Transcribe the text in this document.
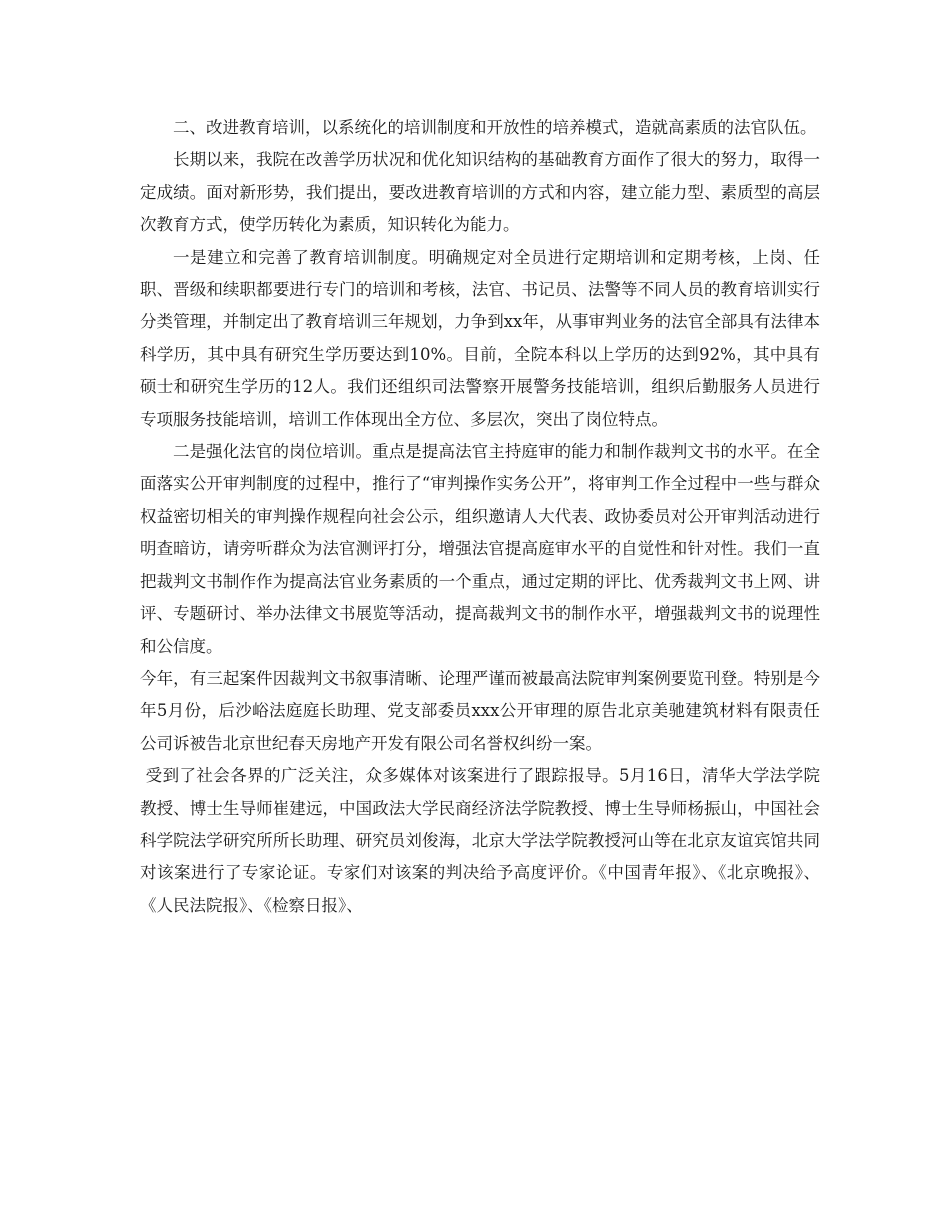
二、改进教育培训，以系统化的培训制度和开放性的培养模式，造就高素质的法官队伍。

长期以来，我院在改善学历状况和优化知识结构的基础教育方面作了很大的努力，取得一定成绩。面对新形势，我们提出，要改进教育培训的方式和内容，建立能力型、素质型的高层次教育方式，使学历转化为素质，知识转化为能力。

一是建立和完善了教育培训制度。明确规定对全员进行定期培训和定期考核，上岗、任职、晋级和续职都要进行专门的培训和考核，法官、书记员、法警等不同人员的教育培训实行分类管理，并制定出了教育培训三年规划，力争到xx年，从事审判业务的法官全部具有法律本科学历，其中具有研究生学历要达到10%。目前，全院本科以上学历的达到92%，其中具有硕士和研究生学历的12人。我们还组织司法警察开展警务技能培训，组织后勤服务人员进行专项服务技能培训，培训工作体现出全方位、多层次，突出了岗位特点。

二是强化法官的岗位培训。重点是提高法官主持庭审的能力和制作裁判文书的水平。在全面落实公开审判制度的过程中，推行了“审判操作实务公开”，将审判工作全过程中一些与群众权益密切相关的审判操作规程向社会公示，组织邀请人大代表、政协委员对公开审判活动进行明查暗访，请旁听群众为法官测评打分，增强法官提高庭审水平的自觉性和针对性。我们一直把裁判文书制作作为提高法官业务素质的一个重点，通过定期的评比、优秀裁判文书上网、讲评、专题研讨、举办法律文书展览等活动，提高裁判文书的制作水平，增强裁判文书的说理性和公信度。

今年，有三起案件因裁判文书叙事清晰、论理严谨而被最高法院审判案例要览刊登。特别是今年5月份，后沙峪法庭庭长助理、党支部委员xxx公开审理的原告北京美驰建筑材料有限责任公司诉被告北京世纪春天房地产开发有限公司名誉权纠纷一案。

受到了社会各界的广泛关注，众多媒体对该案进行了跟踪报导。5月16日，清华大学法学院教授、博士生导师崔建远，中国政法大学民商经济法学院教授、博士生导师杨振山，中国社会科学院法学研究所所长助理、研究员刘俊海，北京大学法学院教授河山等在北京友谊宾馆共同对该案进行了专家论证。专家们对该案的判决给予高度评价。《中国青年报》、《北京晚报》、《人民法院报》、《检察日报》、
